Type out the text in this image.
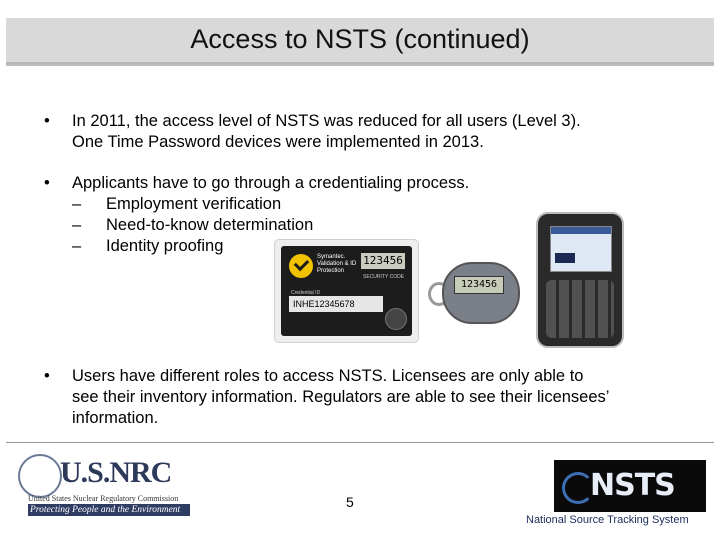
Access to NSTS (continued)
• In 2011, the access level of NSTS was reduced for all users (Level 3).
One Time Password devices were implemented in 2013.
• Applicants have to go through a credentialing process.
– Employment verification
– Need-to-know determination
– Identity proofing
Symantec. Validation & ID Protection
123456
SECURITY CODE
Credential ID
INHE12345678
123456
• Users have different roles to access NSTS. Licensees are only able to
see their inventory information. Regulators are able to see their licensees’
information.
U.S.NRC
United States Nuclear Regulatory Commission
Protecting People and the Environment	5	NSTS
National Source Tracking System
